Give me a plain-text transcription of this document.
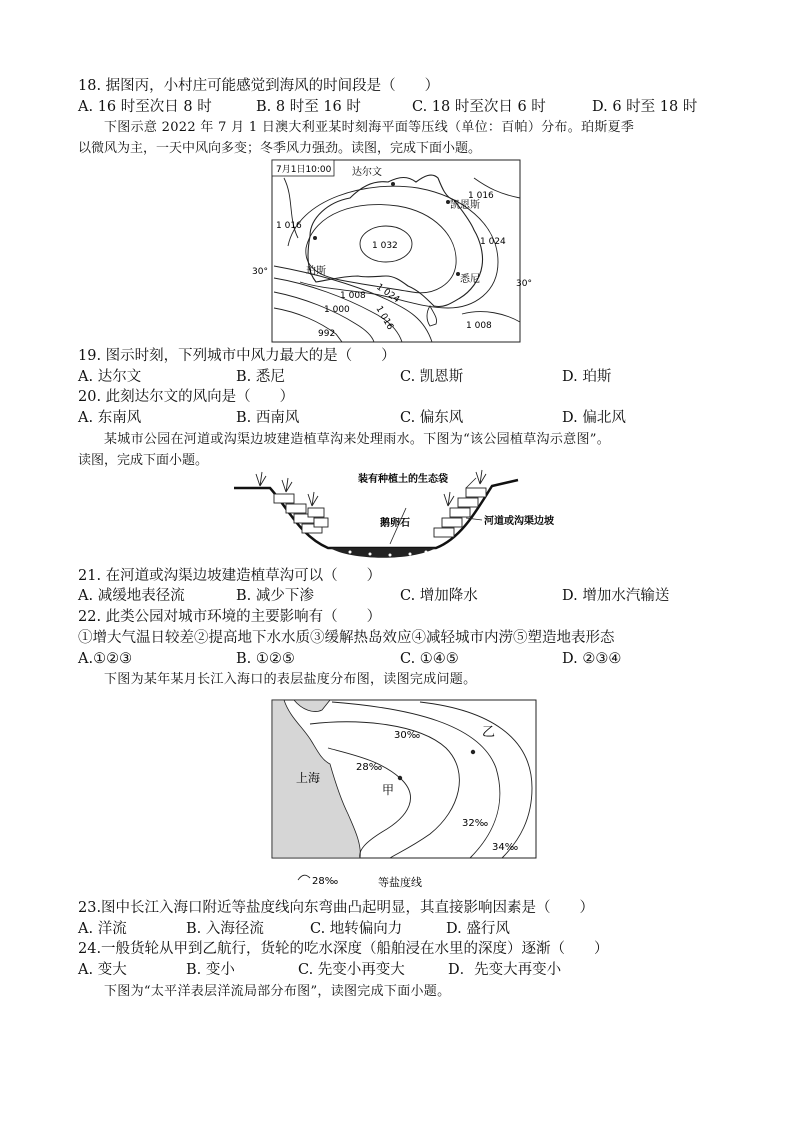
18. 据图丙，小村庄可能感觉到海风的时间段是（　　）
A. 16 时至次日 8 时	B. 8 时至 16 时	C. 18 时至次日 6 时	D. 6 时至 18 时
下图示意 2022 年 7 月 1 日澳大利亚某时刻海平面等压线（单位：百帕）分布。珀斯夏季
以微风为主，一天中风向多变；冬季风力强劲。读图，完成下面小题。
7月1日10:00 达尔文
凯恩斯
珀斯
悉尼
1 016
1 016
1 024
1 032
1 024
1 016
1 008
1 000
992
1 008
30°
30°
19. 图示时刻，下列城市中风力最大的是（　　）
A. 达尔文	B. 悉尼	C. 凯恩斯	D. 珀斯
20. 此刻达尔文的风向是（　　）
A. 东南风	B. 西南风	C. 偏东风	D. 偏北风
某城市公园在河道或沟渠边坡建造植草沟来处理雨水。下图为“该公园植草沟示意图”。
读图，完成下面小题。
装有种植土的生态袋
鹅卵石	河道或沟渠边坡
21. 在河道或沟渠边坡建造植草沟可以（　　）
A. 减缓地表径流	B. 减少下渗	C. 增加降水	D. 增加水汽输送
22. 此类公园对城市环境的主要影响有（　　）
①增大气温日较差②提高地下水水质③缓解热岛效应④减轻城市内涝⑤塑造地表形态
A.①②③	B. ①②⑤	C. ①④⑤	D. ②③④
下图为某年某月长江入海口的表层盐度分布图，读图完成问题。
上海
甲
乙
30‰
28‰
32‰
34‰
28‰	等盐度线
23.图中长江入海口附近等盐度线向东弯曲凸起明显，其直接影响因素是（　　）
A. 洋流	B. 入海径流	C. 地转偏向力	D. 盛行风
24.一般货轮从甲到乙航行，货轮的吃水深度（船舶浸在水里的深度）逐渐（　　）
A. 变大	B. 变小	C. 先变小再变大	D．先变大再变小
下图为“太平洋表层洋流局部分布图”，读图完成下面小题。
